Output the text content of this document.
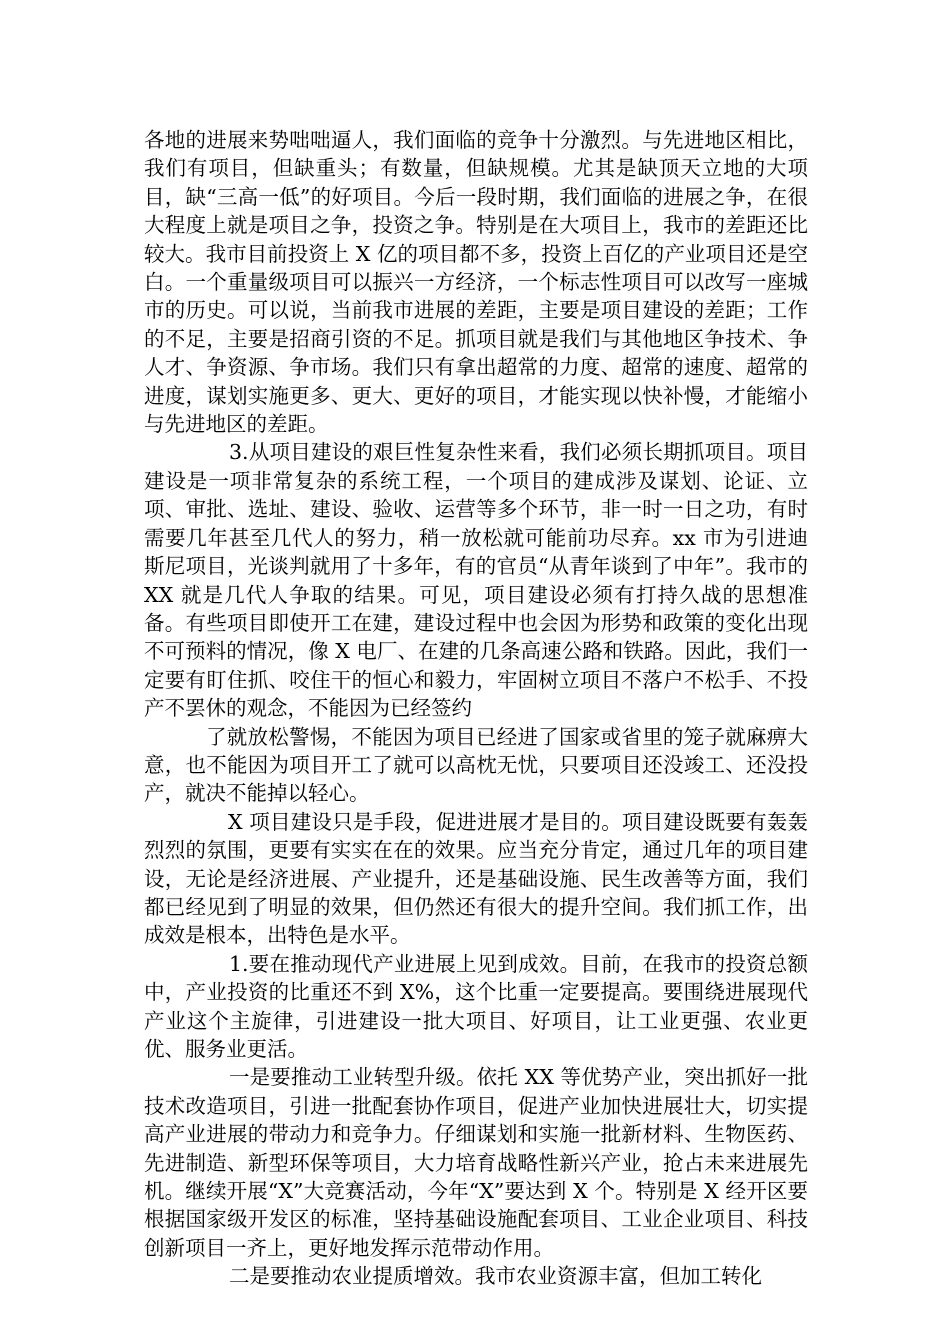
各地的进展来势咄咄逼人，我们面临的竞争十分激烈。与先进地区相比，我们有项目，但缺重头；有数量，但缺规模。尤其是缺顶天立地的大项目，缺“三高一低”的好项目。今后一段时期，我们面临的进展之争，在很大程度上就是项目之争，投资之争。特别是在大项目上，我市的差距还比较大。我市目前投资上 X 亿的项目都不多，投资上百亿的产业项目还是空白。一个重量级项目可以振兴一方经济，一个标志性项目可以改写一座城市的历史。可以说，当前我市进展的差距，主要是项目建设的差距；工作的不足，主要是招商引资的不足。抓项目就是我们与其他地区争技术、争人才、争资源、争市场。我们只有拿出超常的力度、超常的速度、超常的进度，谋划实施更多、更大、更好的项目，才能实现以快补慢，才能缩小与先进地区的差距。

3.从项目建设的艰巨性复杂性来看，我们必须长期抓项目。项目建设是一项非常复杂的系统工程，一个项目的建成涉及谋划、论证、立项、审批、选址、建设、验收、运营等多个环节，非一时一日之功，有时需要几年甚至几代人的努力，稍一放松就可能前功尽弃。xx 市为引进迪斯尼项目，光谈判就用了十多年，有的官员“从青年谈到了中年”。我市的 XX 就是几代人争取的结果。可见，项目建设必须有打持久战的思想准备。有些项目即使开工在建，建设过程中也会因为形势和政策的变化出现不可预料的情况，像 X 电厂、在建的几条高速公路和铁路。因此，我们一定要有盯住抓、咬住干的恒心和毅力，牢固树立项目不落户不松手、不投产不罢休的观念，不能因为已经签约

了就放松警惕，不能因为项目已经进了国家或省里的笼子就麻痹大意，也不能因为项目开工了就可以高枕无忧，只要项目还没竣工、还没投产，就决不能掉以轻心。

X 项目建设只是手段，促进进展才是目的。项目建设既要有轰轰烈烈的氛围，更要有实实在在的效果。应当充分肯定，通过几年的项目建设，无论是经济进展、产业提升，还是基础设施、民生改善等方面，我们都已经见到了明显的效果，但仍然还有很大的提升空间。我们抓工作，出成效是根本，出特色是水平。

1.要在推动现代产业进展上见到成效。目前，在我市的投资总额中，产业投资的比重还不到 X%，这个比重一定要提高。要围绕进展现代产业这个主旋律，引进建设一批大项目、好项目，让工业更强、农业更优、服务业更活。

一是要推动工业转型升级。依托 XX 等优势产业，突出抓好一批技术改造项目，引进一批配套协作项目，促进产业加快进展壮大，切实提高产业进展的带动力和竞争力。仔细谋划和实施一批新材料、生物医药、先进制造、新型环保等项目，大力培育战略性新兴产业，抢占未来进展先机。继续开展“X”大竞赛活动，今年“X”要达到 X 个。特别是 X 经开区要根据国家级开发区的标准，坚持基础设施配套项目、工业企业项目、科技创新项目一齐上，更好地发挥示范带动作用。

二是要推动农业提质增效。我市农业资源丰富，但加工转化
